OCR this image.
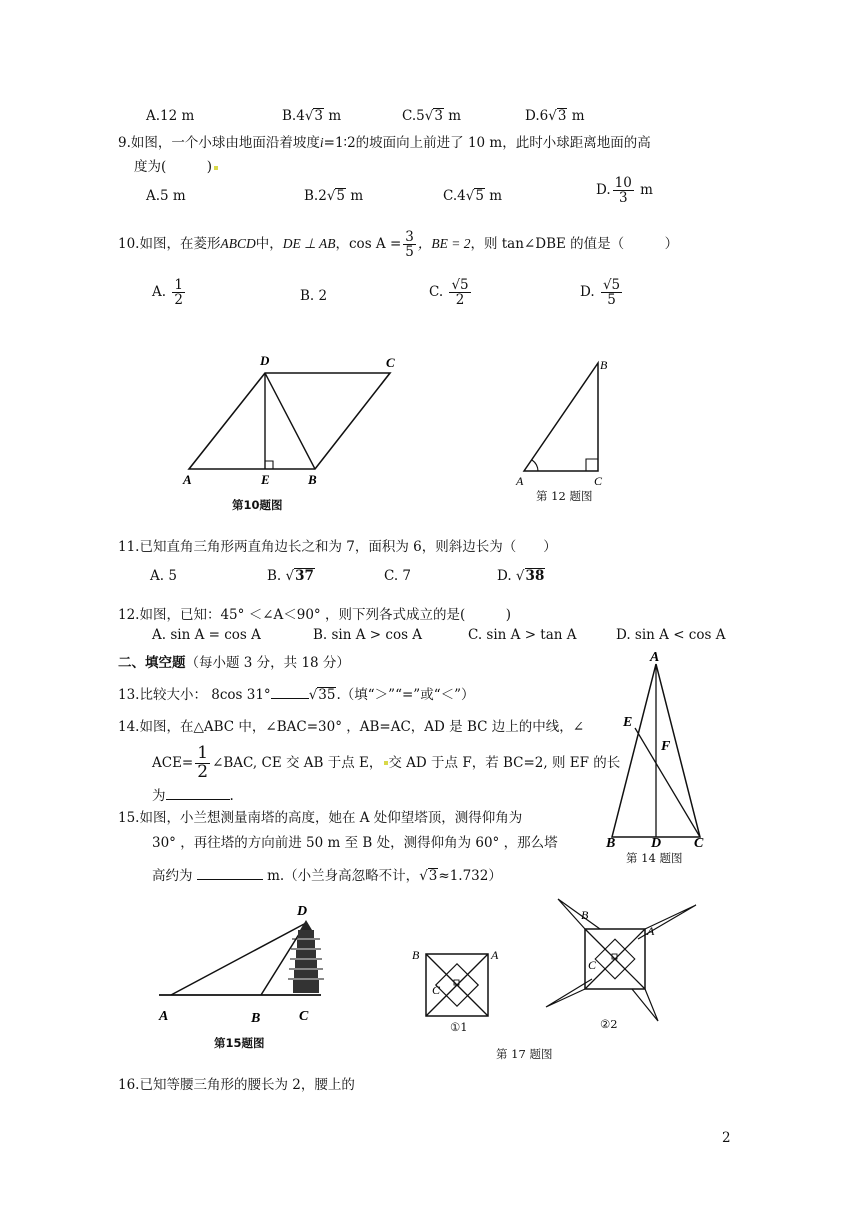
A.12 m	B.4√3 m	C.5√3 m	D.6√3 m
9.如图，一个小球由地面沿着坡度i=1∶2的坡面向上前进了 10 m，此时小球距离地面的高
度为(　　　)
A.5 m	B.2√5 m	C.4√5 m	D. $\frac{10}{3}$ m
10.如图，在菱形ABCD中，DE ⊥ AB，$\cos A = \frac{3}{5}$ ，BE = 2，则 tan∠DBE 的值是（　　　）
A. $\frac{1}{2}$	B. 2	C. $\frac{√5}{2}$	D. $\frac{√5}{5}$
D	C
A	E	B
第10题图
B
A	C
第 12 题图
11.已知直角三角形两直角边长之和为 7，面积为 6，则斜边长为（　　）
A. 5	B. √37	C. 7	D. √38
12.如图，已知：45° ＜∠A＜90° ，则下列各式成立的是(　　　)
A. sin A = cos A	B. sin A > cos A	C. sin A > tan A	D. sin A < cos A
二、填空题（每小题 3 分，共 18 分）
13.比较大小： 8cos 31°	√35.（填“＞”“=”或“＜”）
14.如图，在△ABC 中，∠BAC=30° ，AB=AC，AD 是 BC 边上的中线，∠
$ACE= \frac{1}{2}$ ∠BAC, CE 交 AB 于点 E， 交 AD 于点 F，若 BC=2, 则 EF 的长
为	.
A
E
F
B	D C
第 14 题图
15.如图，小兰想测量南塔的高度，她在 A 处仰望塔顶，测得仰角为
30° ，再往塔的方向前进 50 m 至 B 处，测得仰角为 60° ，那么塔
高约为	m.（小兰身高忽略不计，√3≈1.732）
D
A	B	C
第15题图
B	A
C
①1
B
A
C
②2
第 17 题图
16.已知等腰三角形的腰长为 2，腰上的
2
